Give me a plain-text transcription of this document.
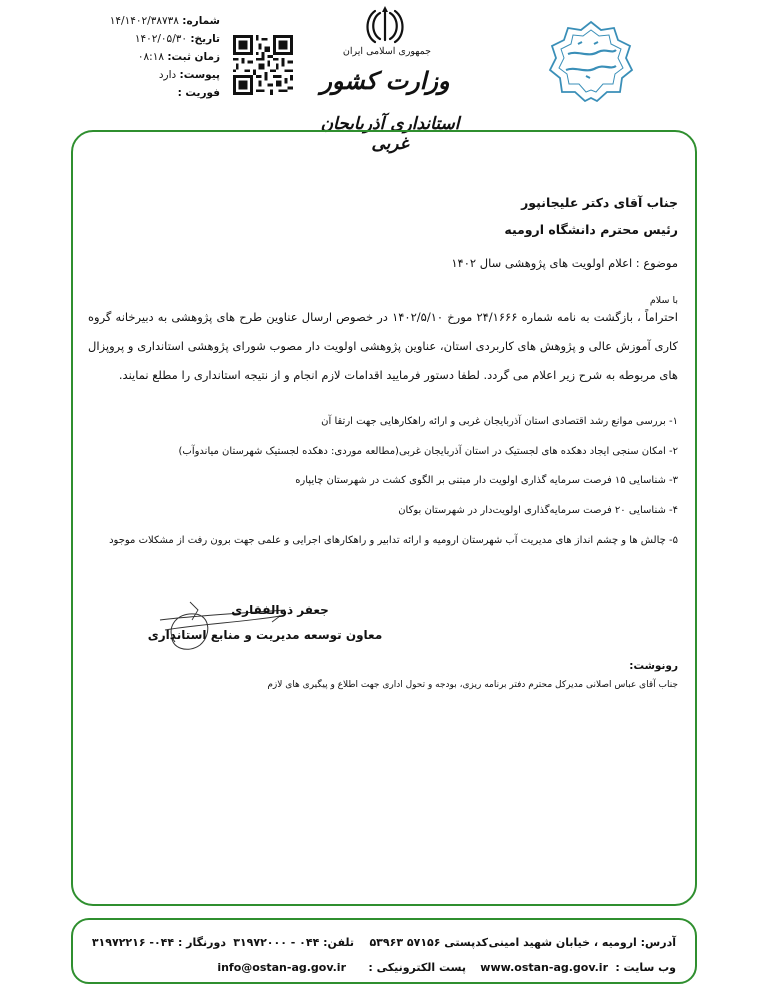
شماره: ۱۴/۱۴۰۲/۳۸۷۳۸
تاریخ: ۱۴۰۲/۰۵/۳۰
زمان ثبت: ۰۸:۱۸
پیوست: دارد
فوریت :
جمهوری اسلامی ایران
وزارت کشور
استانداری آذربایجان غربی
جناب آقای دکتر علیجانپور
رئیس محترم دانشگاه ارومیه
موضوع : اعلام اولویت های پژوهشی سال ۱۴۰۲
با سلام
احتراماً ، بازگشت به نامه شماره ۲۴/۱۶۶۶ مورخ ۱۴۰۲/۵/۱۰ در خصوص ارسال عناوین طرح های پژوهشی به دبیرخانه گروه کاری آموزش عالی و پژوهش های کاربردی استان، عناوین پژوهشی اولویت دار مصوب شورای پژوهشی استانداری و پروپزال های مربوطه به شرح زیر اعلام می گردد. لطفا دستور فرمایید اقدامات لازم انجام و از نتیجه استانداری را مطلع نمایند.
۱- بررسی موانع رشد اقتصادی استان آذربایجان غربی و ارائه راهکارهایی جهت ارتقا آن
۲- امکان سنجی ایجاد دهکده های لجستیک در استان آذربایجان غربی(مطالعه موردی: دهکده لجستیک شهرستان میاندوآب)
۳- شناسایی ۱۵ فرصت سرمایه گذاری اولویت دار مبتنی بر الگوی کشت در شهرستان چایپاره
۴- شناسایی ۲۰ فرصت سرمایه‌گذاری اولویت‌دار در شهرستان بوکان
۵- چالش ها و چشم انداز های مدیریت آب شهرستان ارومیه و ارائه تدابیر و راهکارهای اجرایی و علمی جهت برون رفت از مشکلات موجود
جعفر ذوالفقاری
معاون توسعه مدیریت و منابع استانداری
رونوشت:
جناب آقای عباس اصلانی مدیرکل محترم دفتر برنامه ریزی، بودجه و تحول اداری جهت اطلاع و پیگیری های لازم
آدرس: ارومیه ، خیابان شهید امینی
کدپستی ۵۷۱۵۶ ۵۳۹۶۳
تلفن: ۰۴۴ - ۳۱۹۷۲۰۰۰
دورنگار : ۰۴۴- ۳۱۹۷۲۲۱۶
وب سایت :
www.ostan-ag.gov.ir
پست الکترونیکی :
info@ostan-ag.gov.ir
